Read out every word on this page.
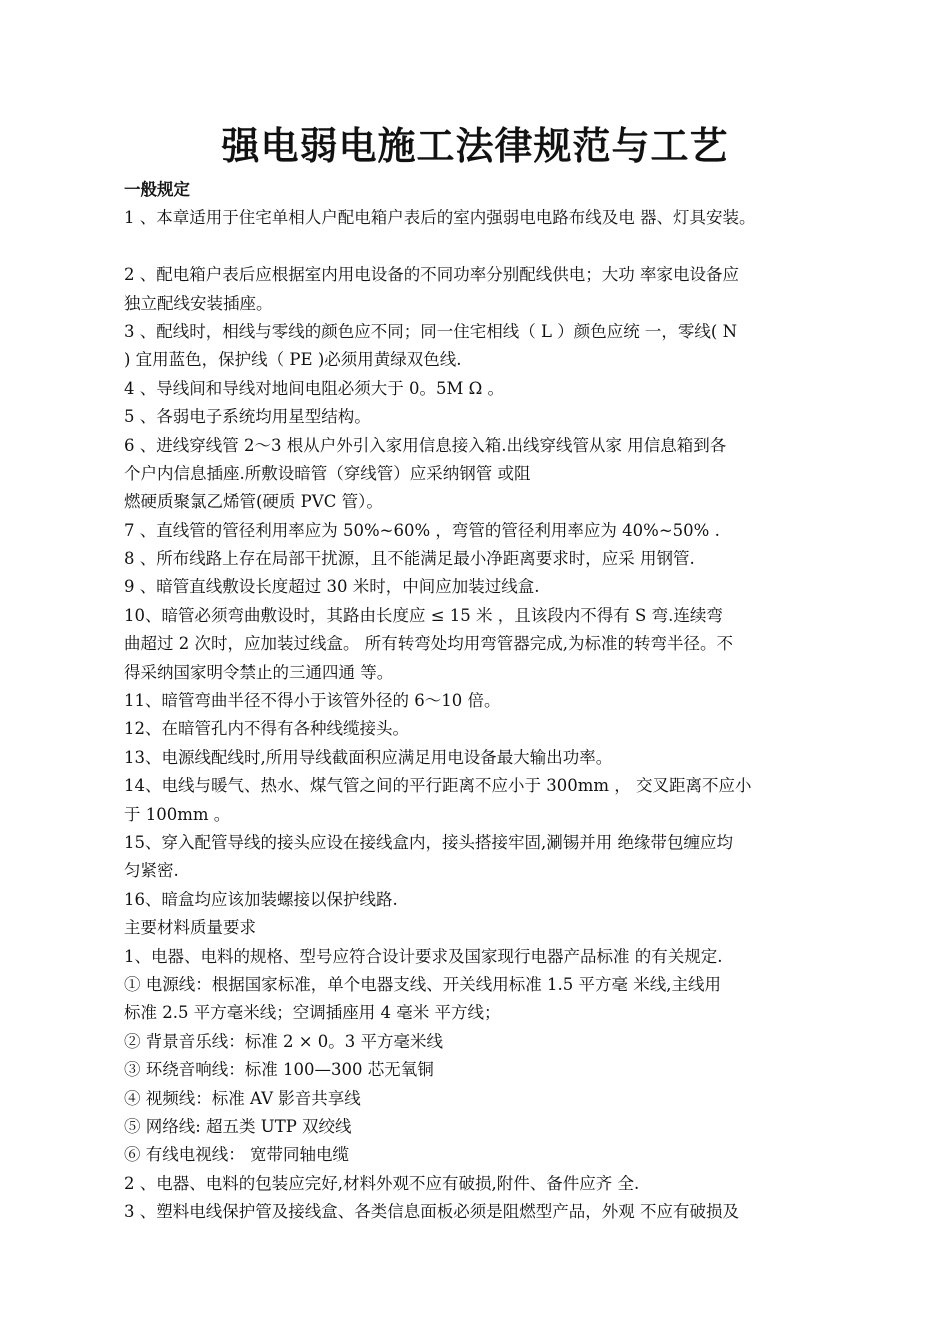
强电弱电施工法律规范与工艺
一般规定
1 、本章适用于住宅单相人户配电箱户表后的室内强弱电电路布线及电 器、灯具安装。
2 、配电箱户表后应根据室内用电设备的不同功率分别配线供电；大功 率家电设备应
独立配线安装插座。
3 、配线时，相线与零线的颜色应不同；同一住宅相线（ L ）颜色应统 一，零线( N
) 宜用蓝色，保护线（ PE )必须用黄绿双色线.
4 、导线间和导线对地间电阻必须大于 0。5M Ω 。
5 、各弱电子系统均用星型结构。
6 、进线穿线管 2～3 根从户外引入家用信息接入箱.出线穿线管从家 用信息箱到各
个户内信息插座.所敷设暗管（穿线管）应采纳钢管 或阻
燃硬质聚氯乙烯管(硬质 PVC 管）。
7 、直线管的管径利用率应为 50%~60% ，弯管的管径利用率应为 40%~50% .
8 、所布线路上存在局部干扰源，且不能满足最小净距离要求时，应采 用钢管.
9 、暗管直线敷设长度超过 30 米时，中间应加装过线盒.
10、暗管必须弯曲敷设时，其路由长度应 ≤ 15 米 ，且该段内不得有 S 弯.连续弯
曲超过 2 次时，应加装过线盒。 所有转弯处均用弯管器完成,为标准的转弯半径。不
得采纳国家明令禁止的三通四通 等。
11、暗管弯曲半径不得小于该管外径的 6～10 倍。
12、在暗管孔内不得有各种线缆接头。
13、电源线配线时,所用导线截面积应满足用电设备最大输出功率。
14、电线与暖气、热水、煤气管之间的平行距离不应小于 300mm ， 交叉距离不应小
于 100mm 。
15、穿入配管导线的接头应设在接线盒内，接头搭接牢固,涮锡并用 绝缘带包缠应均
匀紧密.
16、暗盒均应该加装螺接以保护线路.
主要材料质量要求
1、电器、电料的规格、型号应符合设计要求及国家现行电器产品标准 的有关规定.
① 电源线：根据国家标准，单个电器支线、开关线用标准 1.5 平方毫 米线,主线用
标准 2.5 平方毫米线；空调插座用 4 毫米 平方线；
② 背景音乐线：标准 2 × 0。3 平方毫米线
③ 环绕音响线：标准 100—300 芯无氧铜
④ 视频线：标准 AV 影音共享线
⑤ 网络线: 超五类 UTP 双绞线
⑥ 有线电视线： 宽带同轴电缆
2 、电器、电料的包装应完好,材料外观不应有破损,附件、备件应齐 全.
3 、塑料电线保护管及接线盒、各类信息面板必须是阻燃型产品，外观 不应有破损及
